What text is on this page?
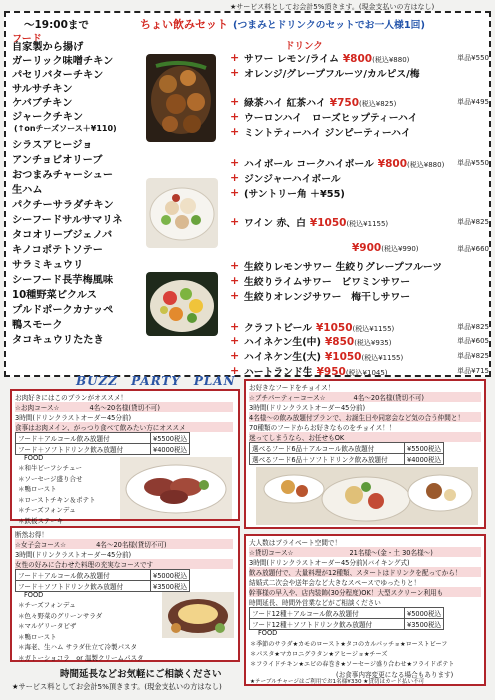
★サービス料としてお会計5%頂きます。(現金支払いの方はなし)
～19:00まで	ちょい飲みセット (つまみとドリンクのセットでお一人様1回)
フード
ドリンク
自家製から揚げ
ガーリック味噌チキン
パセリバターチキン
サルサチキン
ケバブチキン
ジャークチキン
(↑onチーズソース＋¥110)
シラスアヒージョ
アンチョビオリーブ
おつまみチャーシュー
生ハム
パクチーサラダチキン
シーフードサルサマリネ
タコオリーブジェノバ
キノコポテトソテー
サラミキュウリ
シーフード長芋梅風味
10種野菜ピクルス
プルドポークカナッペ
鴨スモーク
タコキュウリたたき
+ サワー レモン/ライム ¥800(税込¥880)	単品¥550
+ オレンジ/グレープフルーツ/カルピス/梅
+ 緑茶ハイ 紅茶ハイ ¥750(税込¥825)	単品¥495
+ ウーロンハイ　ローズヒップティーハイ
+ ミントティーハイ ジンピーティーハイ
+ ハイボール コークハイボール ¥800(税込¥880) 単品¥550
+ ジンジャーハイボール
+ (サントリー角 ＋¥55)
+ ワイン 赤、白 ¥1050(税込¥1155)	単品¥825
¥900(税込¥990)	単品¥660
+ 生絞りレモンサワー 生絞りグレープフルーツ
+ 生絞りライムサワー　ビワミンサワー
+ 生絞りオレンジサワー　梅干しサワー
+ クラフトビール ¥1050(税込¥1155)	単品¥825
+ ハイネケン生(中) ¥850(税込¥935)	単品¥605
+ ハイネケン生(大) ¥1050(税込¥1155)	単品¥825
+ ハートランド生 ¥950(税込¥1045)	単品¥715
BUZZ　PARTY　PLAN
お肉好きにはこのプランがオススメ！
☆お肉コース☆	4名～20名様(貸切不可)
3時間(ドリンクラストオーダー45分前)
食事はお肉メイン、がっつり食べて飲みたい方にオススメ
フード＋アルコール飲み放題付	¥5500税込
フード＋ソフトドリンク飲み放題付	¥4000税込
FOOD
＊和牛ビーフシチュー
＊ソーセージ盛り合せ
＊鴨ロースト
＊ローストチキン＆ポテト
＊チーズフォンデュ
＊鉄板ステーキ
お好きなフードをチョイス！
☆ブチパーティーコース☆	4名～20名様(貸切不可)
3時間(ドリンクラストオーダー45分前)
4名様～の飲み放題付プランで、お誕生日や同窓会など気の合う仲間と！
70種類のフードからお好きなものをチョイス！！
迷ってしまうなら、お任せもOK
選べるフード6品＋アルコール飲み放題付	¥5500税込
選べるフード6品＋ソフトドリンク飲み放題付	¥4000税込
断然お得！
☆女子会コース☆	4名～20名様(貸切不可)
3時間(ドリンクラストオーダー45分前)
女性の好みに合わせた料理の充実なコースです
フード＋アルコール飲み放題付	¥5000税込
フード＋ソフトドリンク飲み放題付	¥3500税込
FOOD
＊チーズフォンデュ
＊色々野菜のグリーンサラダ
＊マルゲリータピザ
＊鴨ロースト
＊海老、生ハム サラダ仕立て冷製パスタ
＊ガトーショコラ　or 温製クリームパスタ
大人数はプライベート空間で！
☆貸切コース☆	21名様～(金・土 30名様～)
3時間(ドリンクラストオーダー45分前)(バイキング式)
飲み放題付で、大量料理が12種類、スタートはドリンクを配ってから！
結婚式二次会や送年会など大きなスペースでゆったりと！
幹事様の早入や、店内装飾(30分程度)OK！大型スクリーン利用も
時間延長、時間外営業などがご相談ください
フード12種＋アルコール飲み放題付	¥5000税込
フード12種＋ソフトドリンク飲み放題付	¥3500税込
FOOD
＊季節のサラダ★カモのロースト★タコのカルパッチョ★ローストビーフ
＊パスタ★マカロニグラタン★アヒージョ★チーズ
＊フライドチキン★エビの春巻き★ソーセージ盛り合わせ★フライドポテト
(お食事内容変更になる場合もあります)
★テーブルチャージはご利用でお1名様¥330 ★貸切はカード払い不可
時間延長などお気軽にご相談ください
★サービス料としてお会計5%頂きます。(現金支払いの方はなし)
